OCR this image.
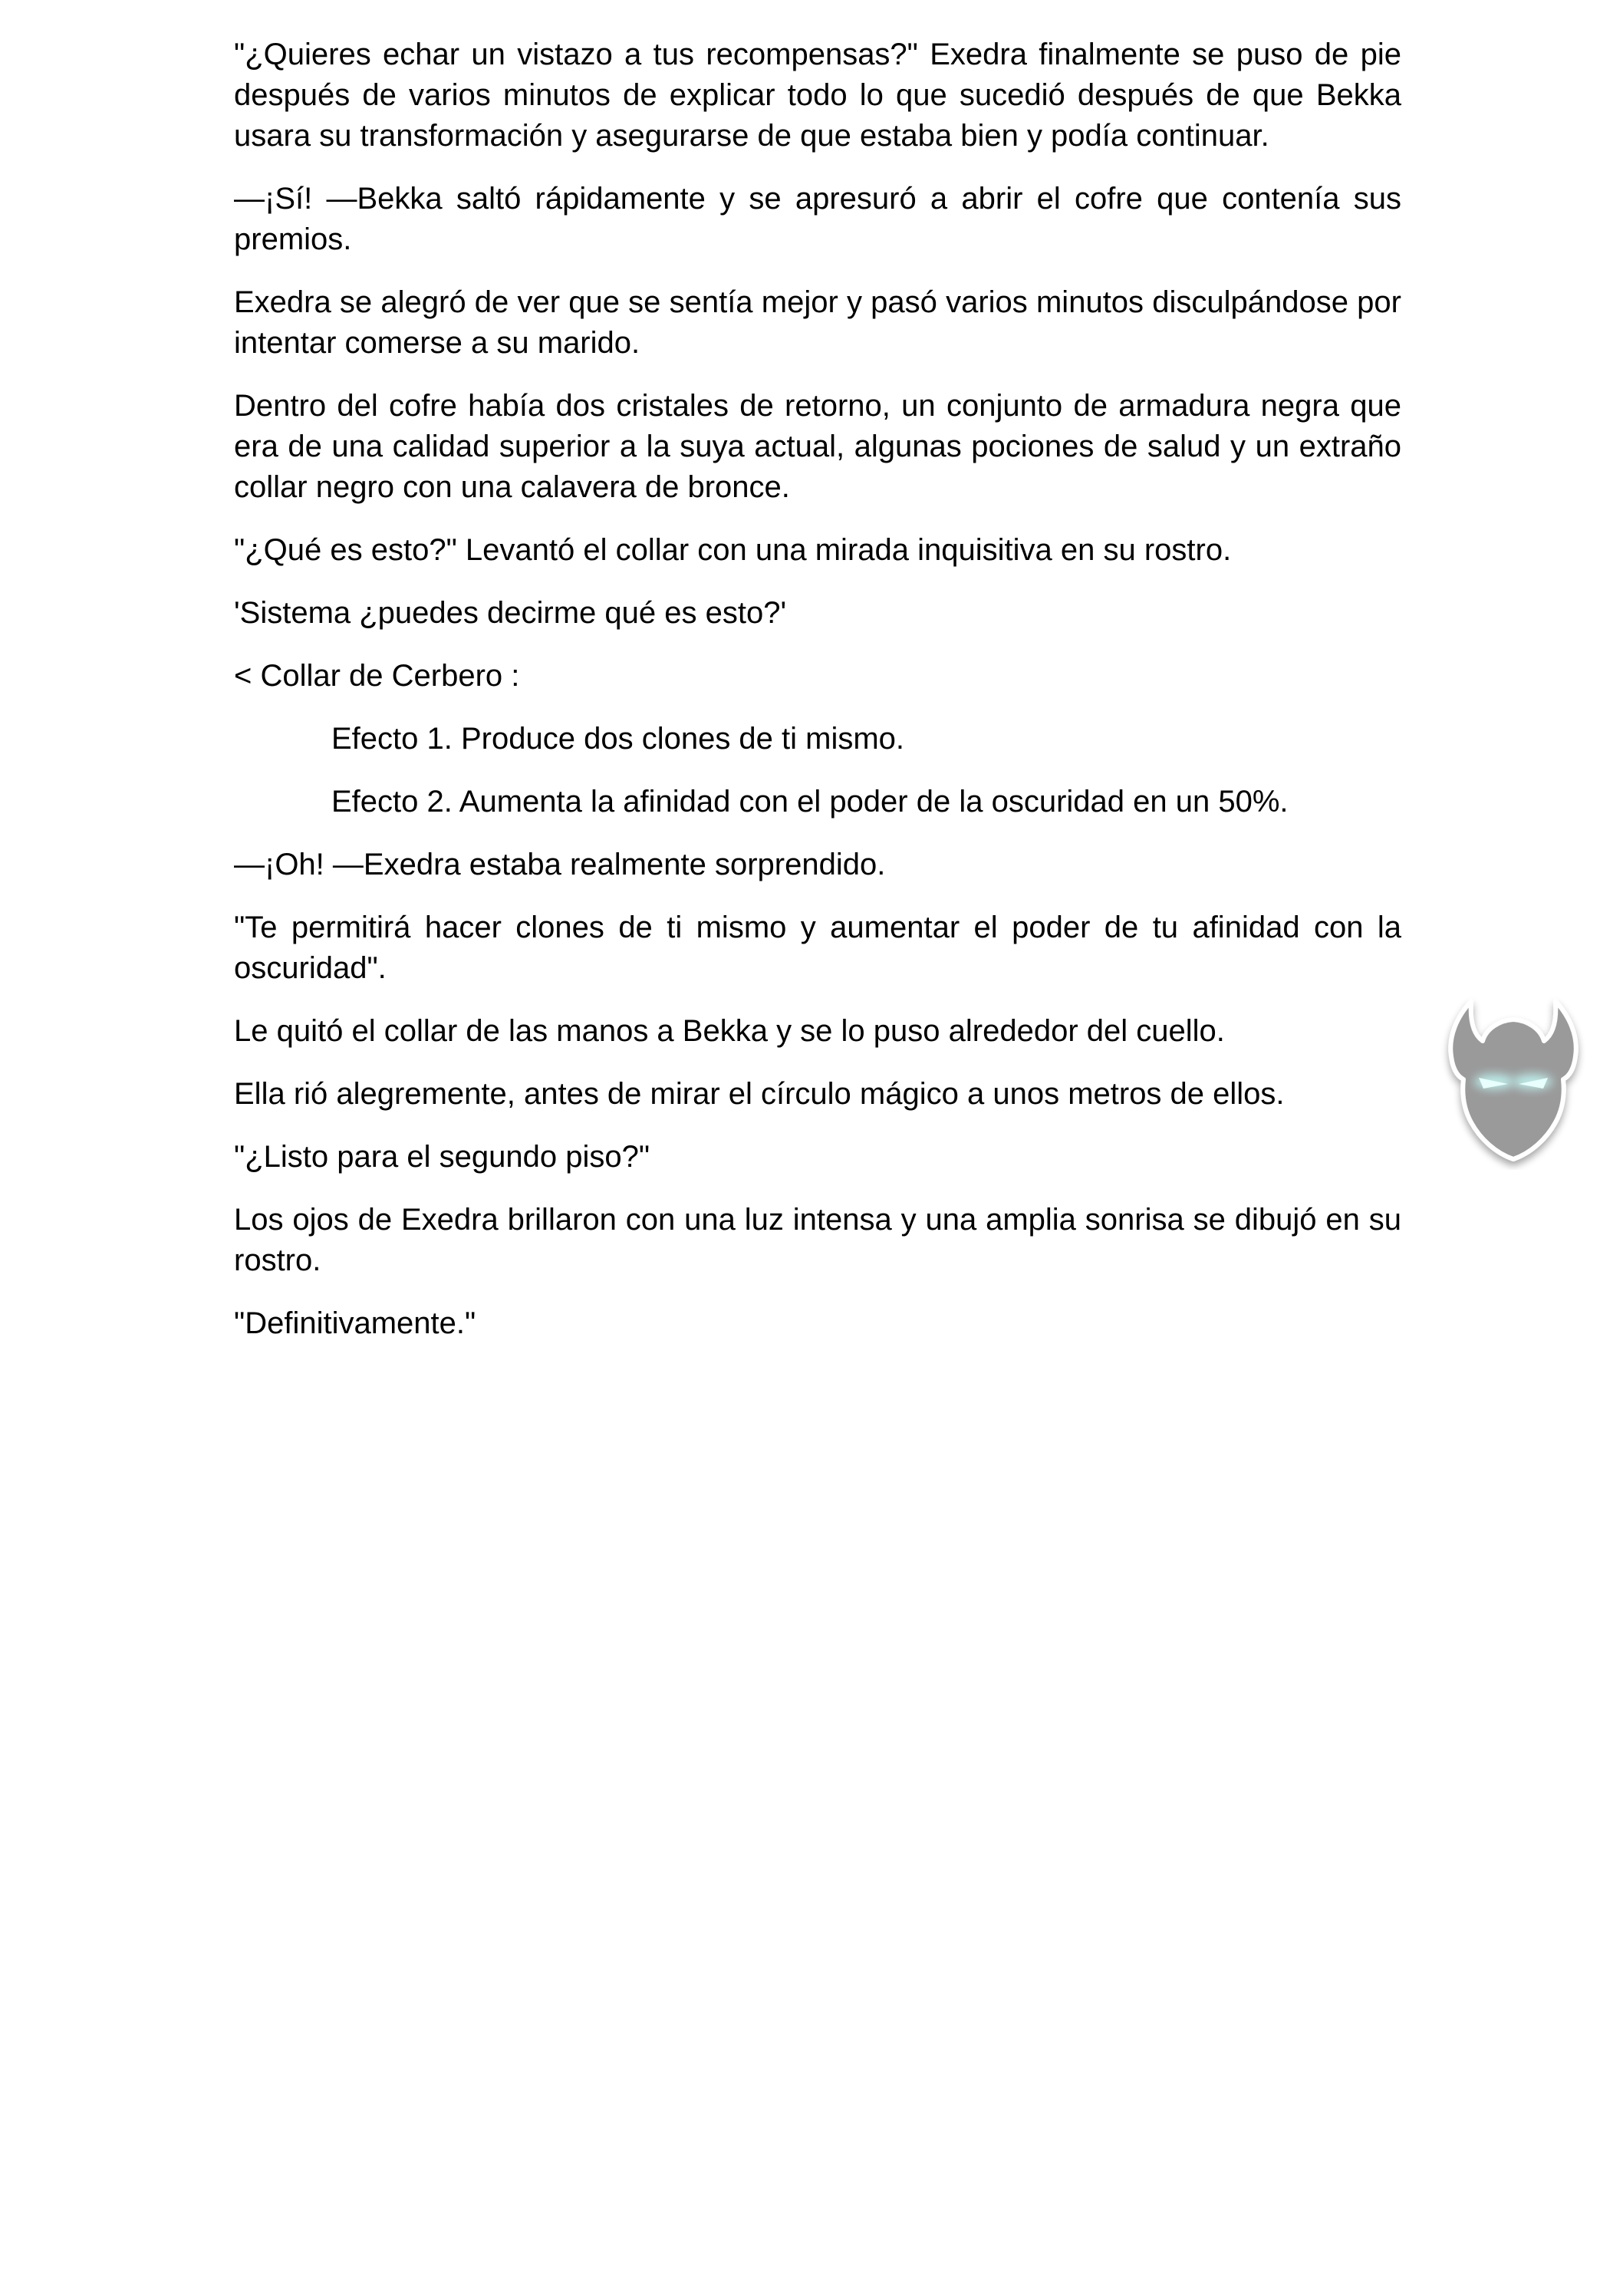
"¿Quieres echar un vistazo a tus recompensas?" Exedra finalmente se puso de pie después de varios minutos de explicar todo lo que sucedió después de que Bekka usara su transformación y asegurarse de que estaba bien y podía continuar.

—¡Sí! —Bekka saltó rápidamente y se apresuró a abrir el cofre que contenía sus premios.

Exedra se alegró de ver que se sentía mejor y pasó varios minutos disculpándose por intentar comerse a su marido.

Dentro del cofre había dos cristales de retorno, un conjunto de armadura negra que era de una calidad superior a la suya actual, algunas pociones de salud y un extraño collar negro con una calavera de bronce.

"¿Qué es esto?" Levantó el collar con una mirada inquisitiva en su rostro.

'Sistema ¿puedes decirme qué es esto?'

< Collar de Cerbero :

Efecto 1. Produce dos clones de ti mismo.

Efecto 2. Aumenta la afinidad con el poder de la oscuridad en un 50%.

—¡Oh! —Exedra estaba realmente sorprendido.

"Te permitirá hacer clones de ti mismo y aumentar el poder de tu afinidad con la oscuridad".

Le quitó el collar de las manos a Bekka y se lo puso alrededor del cuello.

Ella rió alegremente, antes de mirar el círculo mágico a unos metros de ellos.

"¿Listo para el segundo piso?"

Los ojos de Exedra brillaron con una luz intensa y una amplia sonrisa se dibujó en su rostro.

"Definitivamente."
